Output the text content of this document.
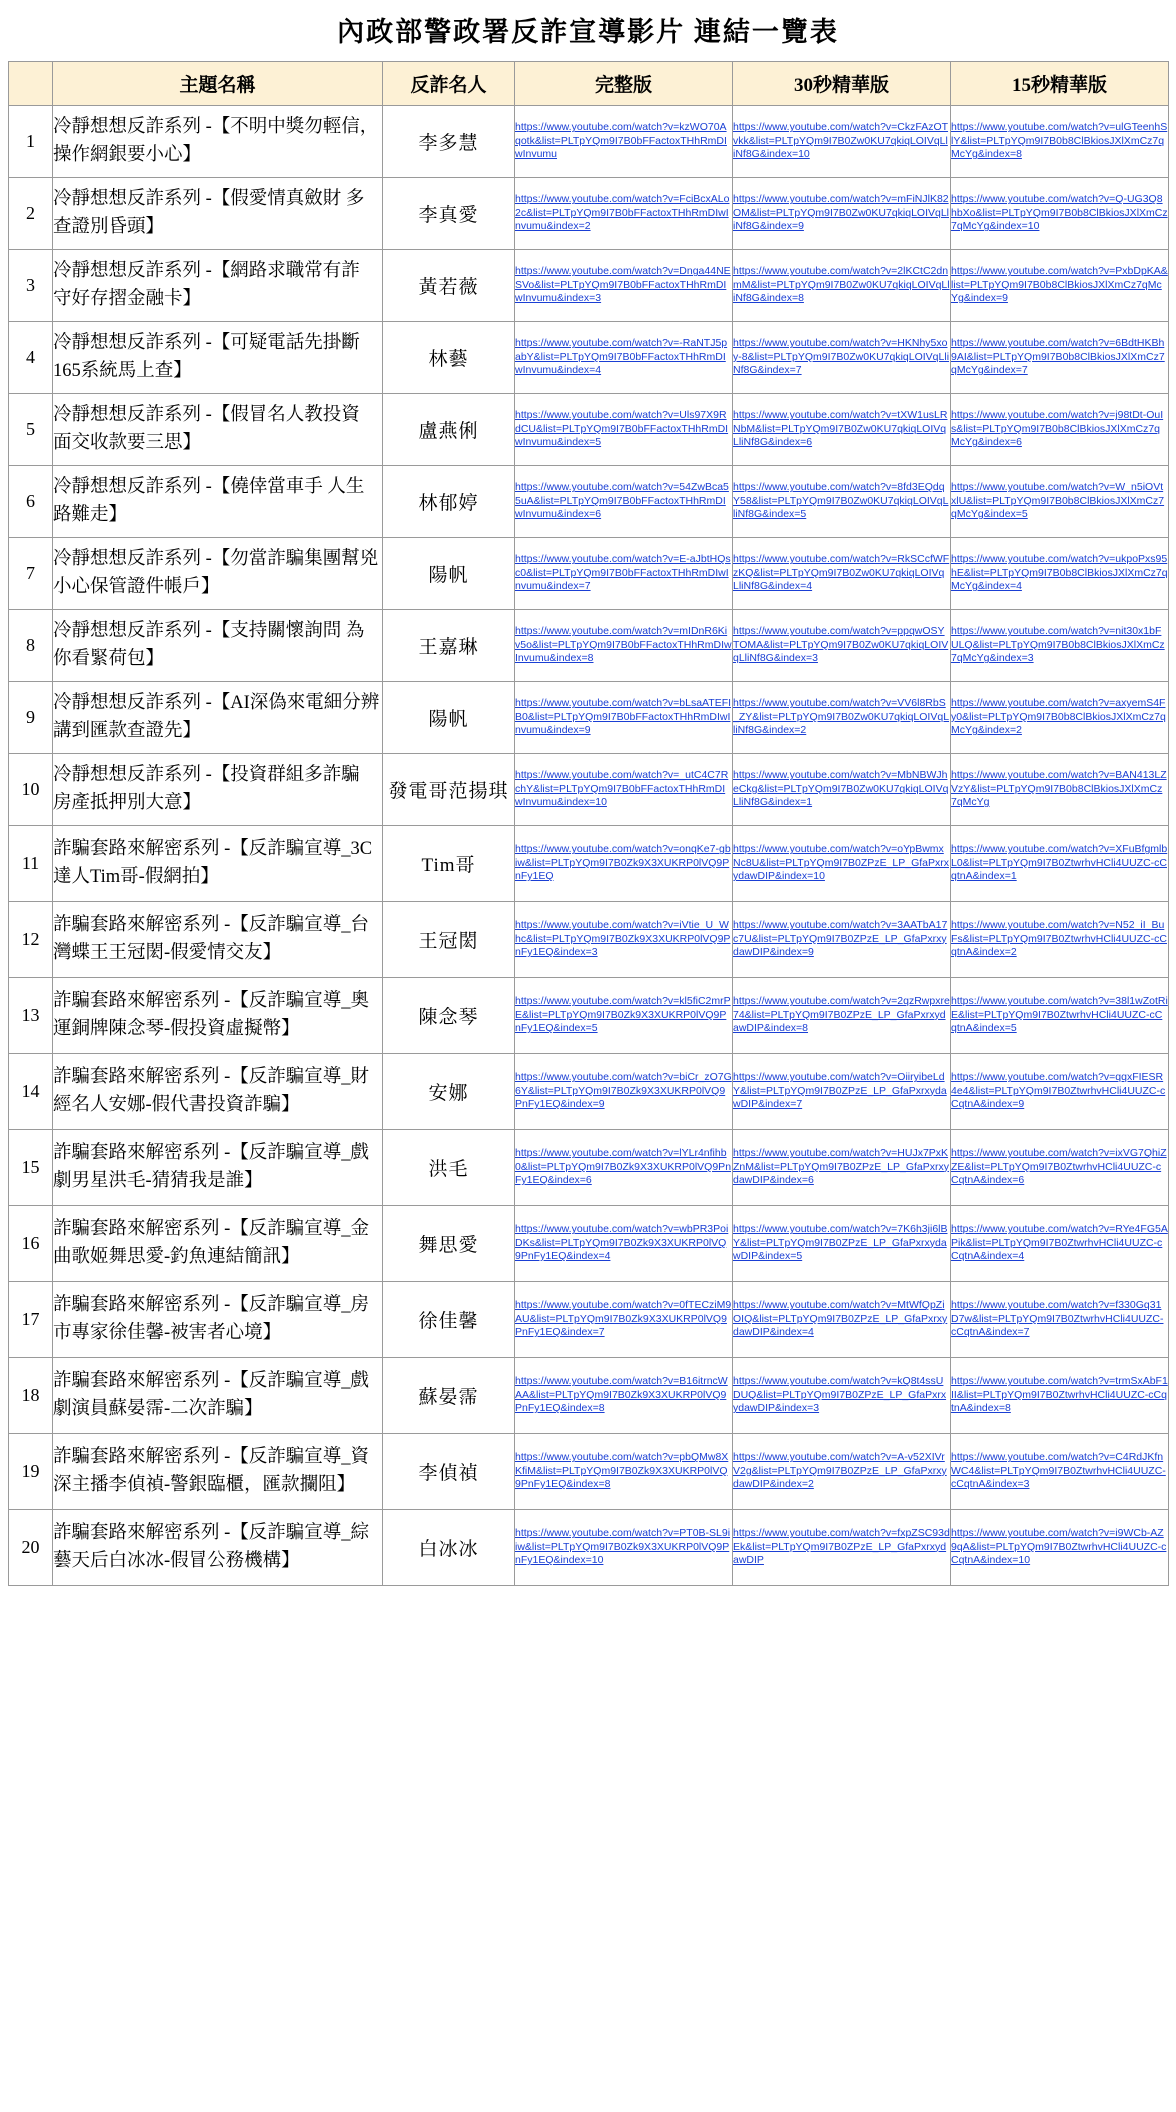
內政部警政署反詐宣導影片 連結一覽表
	主題名稱	反詐名人	完整版	30秒精華版	15秒精華版
1	冷靜想想反詐系列 -【不明中獎勿輕信，操作網銀要小心】	李多慧	https://www.youtube.com/watch?v=kzWO70Aqotk&list=PLTpYQm9I7B0bFFactoxTHhRmDIwInvumu	https://www.youtube.com/watch?v=CkzFAzOTvkk&list=PLTpYQm9I7B0Zw0KU7qkiqLOIVqLliNf8G&index=10	https://www.youtube.com/watch?v=ulGTeenhSlY&list=PLTpYQm9I7B0b8ClBkiosJXlXmCz7qMcYg&index=8

2	冷靜想想反詐系列 -【假愛情真斂財 多查證別昏頭】	李真愛	https://www.youtube.com/watch?v=FciBcxALo2c&list=PLTpYQm9I7B0bFFactoxTHhRmDIwInvumu&index=2	https://www.youtube.com/watch?v=mFiNJlK82OM&list=PLTpYQm9I7B0Zw0KU7qkiqLOIVqLliNf8G&index=9	https://www.youtube.com/watch?v=Q-UG3Q8hbXo&list=PLTpYQm9I7B0b8ClBkiosJXlXmCz7qMcYg&index=10

3	冷靜想想反詐系列 -【網路求職常有詐 守好存摺金融卡】	黃若薇	https://www.youtube.com/watch?v=Dnga44NESVo&list=PLTpYQm9I7B0bFFactoxTHhRmDIwInvumu&index=3	https://www.youtube.com/watch?v=2lKCtC2dnmM&list=PLTpYQm9I7B0Zw0KU7qkiqLOIVqLliNf8G&index=8	https://www.youtube.com/watch?v=PxbDpKA&list=PLTpYQm9I7B0b8ClBkiosJXlXmCz7qMcYg&index=9

4	冷靜想想反詐系列 -【可疑電話先掛斷 165系統馬上查】	林藝	https://www.youtube.com/watch?v=-RaNTJ5pabY&list=PLTpYQm9I7B0bFFactoxTHhRmDIwInvumu&index=4	https://www.youtube.com/watch?v=HKNhy5xoy-8&list=PLTpYQm9I7B0Zw0KU7qkiqLOIVqLliNf8G&index=7	https://www.youtube.com/watch?v=6BdtHKBh9AI&list=PLTpYQm9I7B0b8ClBkiosJXlXmCz7qMcYg&index=7

5	冷靜想想反詐系列 -【假冒名人教投資 面交收款要三思】	盧燕俐	https://www.youtube.com/watch?v=Uls97X9RdCU&list=PLTpYQm9I7B0bFFactoxTHhRmDIwInvumu&index=5	https://www.youtube.com/watch?v=tXW1usLRNbM&list=PLTpYQm9I7B0Zw0KU7qkiqLOIVqLliNf8G&index=6	https://www.youtube.com/watch?v=j98tDt-OuIs&list=PLTpYQm9I7B0b8ClBkiosJXlXmCz7qMcYg&index=6

6	冷靜想想反詐系列 -【僥倖當車手 人生路難走】	林郁婷	https://www.youtube.com/watch?v=54ZwBca55uA&list=PLTpYQm9I7B0bFFactoxTHhRmDIwInvumu&index=6	https://www.youtube.com/watch?v=8fd3EQdqY58&list=PLTpYQm9I7B0Zw0KU7qkiqLOIVqLliNf8G&index=5	https://www.youtube.com/watch?v=W_n5iOVtxlU&list=PLTpYQm9I7B0b8ClBkiosJXlXmCz7qMcYg&index=5

7	冷靜想想反詐系列 -【勿當詐騙集團幫兇 小心保管證件帳戶】	陽帆	https://www.youtube.com/watch?v=E-aJbtHQsc0&list=PLTpYQm9I7B0bFFactoxTHhRmDIwInvumu&index=7	https://www.youtube.com/watch?v=RkSCcfWFzKQ&list=PLTpYQm9I7B0Zw0KU7qkiqLOIVqLliNf8G&index=4	https://www.youtube.com/watch?v=ukpoPxs95hE&list=PLTpYQm9I7B0b8ClBkiosJXlXmCz7qMcYg&index=4

8	冷靜想想反詐系列 -【支持關懷詢問 為你看緊荷包】	王嘉琳	https://www.youtube.com/watch?v=mIDnR6Kiv5o&list=PLTpYQm9I7B0bFFactoxTHhRmDIwInvumu&index=8	https://www.youtube.com/watch?v=ppqwOSYTOMA&list=PLTpYQm9I7B0Zw0KU7qkiqLOIVqLliNf8G&index=3	https://www.youtube.com/watch?v=nit30x1bFULQ&list=PLTpYQm9I7B0b8ClBkiosJXlXmCz7qMcYg&index=3

9	冷靜想想反詐系列 -【AI深偽來電細分辨 講到匯款查證先】	陽帆	https://www.youtube.com/watch?v=bLsaATEFIB0&list=PLTpYQm9I7B0bFFactoxTHhRmDIwInvumu&index=9	https://www.youtube.com/watch?v=VV6l8RbS_ZY&list=PLTpYQm9I7B0Zw0KU7qkiqLOIVqLliNf8G&index=2	https://www.youtube.com/watch?v=axyemS4Fy0&list=PLTpYQm9I7B0b8ClBkiosJXlXmCz7qMcYg&index=2

10	冷靜想想反詐系列 -【投資群組多詐騙 房產抵押別大意】	發電哥范揚琪	https://www.youtube.com/watch?v=_utC4C7RchY&list=PLTpYQm9I7B0bFFactoxTHhRmDIwInvumu&index=10	https://www.youtube.com/watch?v=MbNBWJheCkg&list=PLTpYQm9I7B0Zw0KU7qkiqLOIVqLliNf8G&index=1	https://www.youtube.com/watch?v=BAN413LZVzY&list=PLTpYQm9I7B0b8ClBkiosJXlXmCz7qMcYg

11	詐騙套路來解密系列 -【反詐騙宣導_3C達人Tim哥-假網拍】	Tim哥	https://www.youtube.com/watch?v=onqKe7-gbiw&list=PLTpYQm9I7B0Zk9X3XUKRP0lVQ9PnFy1EQ	https://www.youtube.com/watch?v=oYpBwmxNc8U&list=PLTpYQm9I7B0ZPzE_LP_GfaPxrxydawDIP&index=10	https://www.youtube.com/watch?v=XFuBfgmlbL0&list=PLTpYQm9I7B0ZtwrhvHCli4UUZC-cCqtnA&index=1

12	詐騙套路來解密系列 -【反詐騙宣導_台灣蝶王王冠閎-假愛情交友】	王冠閎	https://www.youtube.com/watch?v=iVtie_U_Whc&list=PLTpYQm9I7B0Zk9X3XUKRP0lVQ9PnFy1EQ&index=3	https://www.youtube.com/watch?v=3AATbA17c7U&list=PLTpYQm9I7B0ZPzE_LP_GfaPxrxydawDIP&index=9	https://www.youtube.com/watch?v=N52_iI_BuFs&list=PLTpYQm9I7B0ZtwrhvHCli4UUZC-cCqtnA&index=2

13	詐騙套路來解密系列 -【反詐騙宣導_奧運銅牌陳念琴-假投資虛擬幣】	陳念琴	https://www.youtube.com/watch?v=kl5fiC2mrPE&list=PLTpYQm9I7B0Zk9X3XUKRP0lVQ9PnFy1EQ&index=5	https://www.youtube.com/watch?v=2qzRwpxre74&list=PLTpYQm9I7B0ZPzE_LP_GfaPxrxydawDIP&index=8	https://www.youtube.com/watch?v=38l1wZotRiE&list=PLTpYQm9I7B0ZtwrhvHCli4UUZC-cCqtnA&index=5

14	詐騙套路來解密系列 -【反詐騙宣導_財經名人安娜-假代書投資詐騙】	安娜	https://www.youtube.com/watch?v=biCr_zO7G6Y&list=PLTpYQm9I7B0Zk9X3XUKRP0lVQ9PnFy1EQ&index=9	https://www.youtube.com/watch?v=OiiryibeLdY&list=PLTpYQm9I7B0ZPzE_LP_GfaPxrxydawDIP&index=7	https://www.youtube.com/watch?v=qqxFIESR4e4&list=PLTpYQm9I7B0ZtwrhvHCli4UUZC-cCqtnA&index=9

15	詐騙套路來解密系列 -【反詐騙宣導_戲劇男星洪毛-猜猜我是誰】	洪毛	https://www.youtube.com/watch?v=lYLr4nfihb0&list=PLTpYQm9I7B0Zk9X3XUKRP0lVQ9PnFy1EQ&index=6	https://www.youtube.com/watch?v=HUJx7PxKZnM&list=PLTpYQm9I7B0ZPzE_LP_GfaPxrxydawDIP&index=6	https://www.youtube.com/watch?v=ixVG7QhiZZE&list=PLTpYQm9I7B0ZtwrhvHCli4UUZC-cCqtnA&index=6

16	詐騙套路來解密系列 -【反詐騙宣導_金曲歌姬舞思愛-釣魚連結簡訊】	舞思愛	https://www.youtube.com/watch?v=wbPR3PoiDKs&list=PLTpYQm9I7B0Zk9X3XUKRP0lVQ9PnFy1EQ&index=4	https://www.youtube.com/watch?v=7K6h3ji6lBY&list=PLTpYQm9I7B0ZPzE_LP_GfaPxrxydawDIP&index=5	https://www.youtube.com/watch?v=RYe4FG5APik&list=PLTpYQm9I7B0ZtwrhvHCli4UUZC-cCqtnA&index=4

17	詐騙套路來解密系列 -【反詐騙宣導_房市專家徐佳馨-被害者心境】	徐佳馨	https://www.youtube.com/watch?v=0fTECziM9AU&list=PLTpYQm9I7B0Zk9X3XUKRP0lVQ9PnFy1EQ&index=7	https://www.youtube.com/watch?v=MtWfQpZiOIQ&list=PLTpYQm9I7B0ZPzE_LP_GfaPxrxydawDIP&index=4	https://www.youtube.com/watch?v=f330Gq31D7w&list=PLTpYQm9I7B0ZtwrhvHCli4UUZC-cCqtnA&index=7

18	詐騙套路來解密系列 -【反詐騙宣導_戲劇演員蘇晏霈-二次詐騙】	蘇晏霈	https://www.youtube.com/watch?v=B16itrncWAA&list=PLTpYQm9I7B0Zk9X3XUKRP0lVQ9PnFy1EQ&index=8	https://www.youtube.com/watch?v=kQ8t4ssUDUQ&list=PLTpYQm9I7B0ZPzE_LP_GfaPxrxydawDIP&index=3	https://www.youtube.com/watch?v=trmSxAbF1II&list=PLTpYQm9I7B0ZtwrhvHCli4UUZC-cCqtnA&index=8

19	詐騙套路來解密系列 -【反詐騙宣導_資深主播李偵禎-警銀臨櫃，匯款攔阻】	李偵禎	https://www.youtube.com/watch?v=pbQMw8XKfiM&list=PLTpYQm9I7B0Zk9X3XUKRP0lVQ9PnFy1EQ&index=8	https://www.youtube.com/watch?v=A-v52XIVrV2g&list=PLTpYQm9I7B0ZPzE_LP_GfaPxrxydawDIP&index=2	https://www.youtube.com/watch?v=C4RdJKfnWC4&list=PLTpYQm9I7B0ZtwrhvHCli4UUZC-cCqtnA&index=3

20	詐騙套路來解密系列 -【反詐騙宣導_綜藝天后白冰冰-假冒公務機構】	白冰冰	https://www.youtube.com/watch?v=PT0B-SL9iiw&list=PLTpYQm9I7B0Zk9X3XUKRP0lVQ9PnFy1EQ&index=10	https://www.youtube.com/watch?v=fxpZSC93dEk&list=PLTpYQm9I7B0ZPzE_LP_GfaPxrxydawDIP	https://www.youtube.com/watch?v=i9WCb-AZ9qA&list=PLTpYQm9I7B0ZtwrhvHCli4UUZC-cCqtnA&index=10
